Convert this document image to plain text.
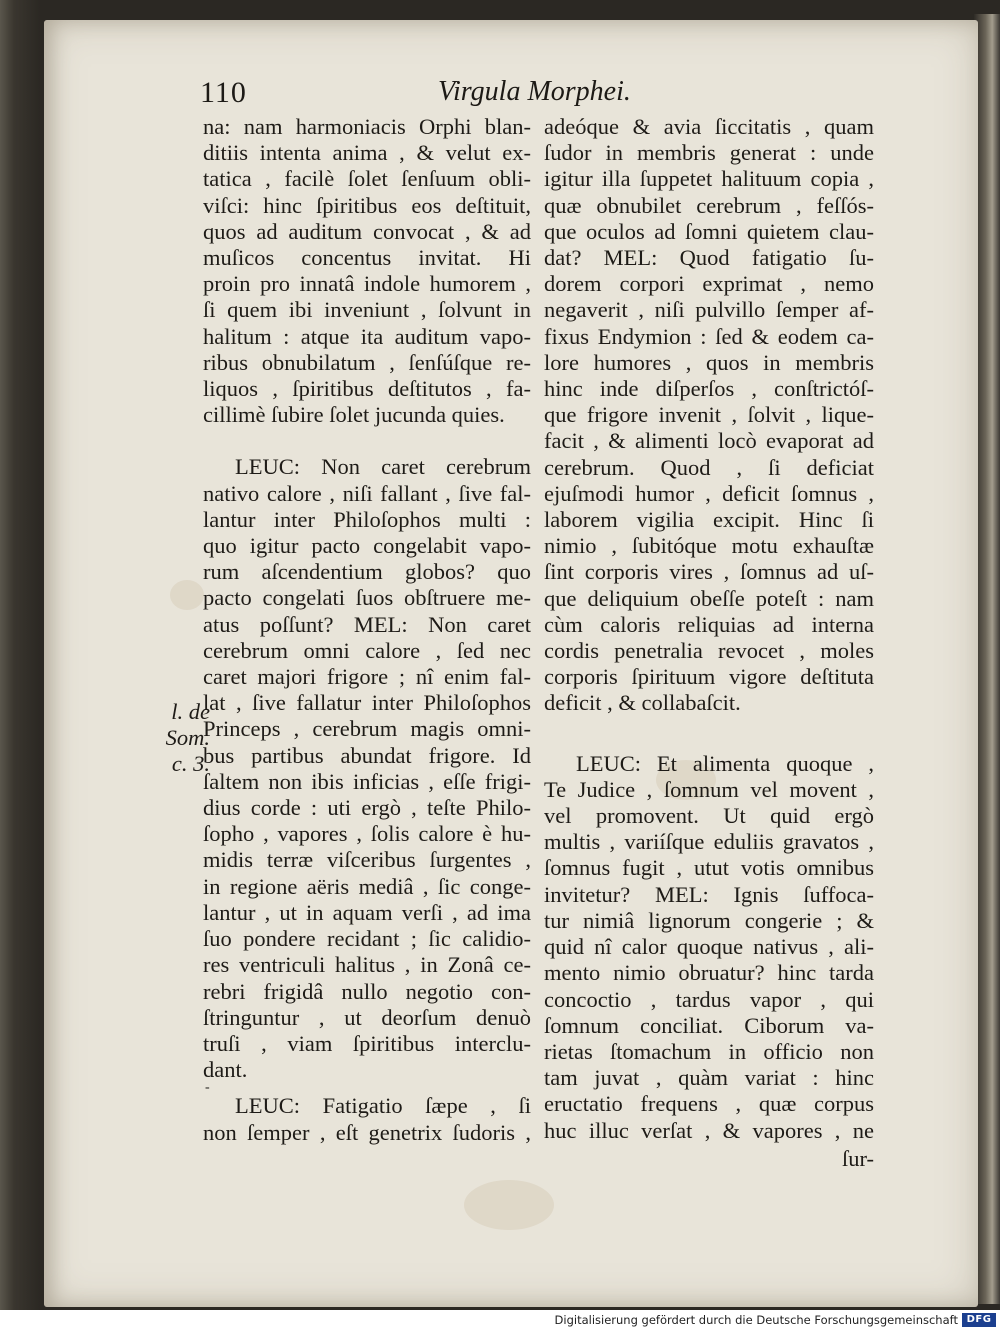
110	Virgula Morphei.
l. de
Som.
c. 3.
na: nam harmoniacis Orphi blan-
ditiis intenta anima , & velut ex-
tatica , facilè ſolet ſenſuum obli-
viſci: hinc ſpiritibus eos deſtituit,
quos ad auditum convocat , & ad
muſicos concentus invitat. Hi
proin pro innatâ indole humorem ,
ſi quem ibi inveniunt , ſolvunt in
halitum : atque ita auditum vapo-
ribus obnubilatum , ſenſúſque re-
liquos , ſpiritibus deſtitutos , fa-
cillimè ſubire ſolet jucunda quies.
LEUC: Non caret cerebrum
nativo calore , niſi fallant , ſive fal-
lantur inter Philoſophos multi :
quo igitur pacto congelabit vapo-
rum aſcendentium globos? quo
pacto congelati ſuos obſtruere me-
atus poſſunt? MEL: Non caret
cerebrum omni calore , ſed nec
caret majori frigore ; nî enim fal-
lat , ſive fallatur inter Philoſophos
Princeps , cerebrum magis omni-
bus partibus abundat frigore. Id
ſaltem non ibis inficias , eſſe frigi-
dius corde : uti ergò , teſte Philo-
ſopho , vapores , ſolis calore è hu-
midis terræ viſceribus ſurgentes ,
in regione aëris mediâ , ſic conge-
lantur , ut in aquam verſi , ad ima
ſuo pondere recidant ; ſic calidio-
res ventriculi halitus , in Zonâ ce-
rebri frigidâ nullo negotio con-
ſtringuntur , ut deorſum denuò
truſi , viam ſpiritibus interclu-
dant.
-
LEUC: Fatigatio ſæpe , ſi
non ſemper , eſt genetrix ſudoris ,
adeóque & avia ſiccitatis , quam
ſudor in membris generat : unde
igitur illa ſuppetet halituum copia ,
quæ obnubilet cerebrum , feſſós-
que oculos ad ſomni quietem clau-
dat? MEL: Quod fatigatio ſu-
dorem corpori exprimat , nemo
negaverit , niſi pulvillo ſemper af-
fixus Endymion : ſed & eodem ca-
lore humores , quos in membris
hinc inde diſperſos , conſtrictóſ-
que frigore invenit , ſolvit , lique-
facit , & alimenti locò evaporat ad
cerebrum. Quod , ſi deficiat
ejuſmodi humor , deficit ſomnus ,
laborem vigilia excipit. Hinc ſi
nimio , ſubitóque motu exhauſtæ
ſint corporis vires , ſomnus ad uſ-
que deliquium obeſſe poteſt : nam
cùm caloris reliquias ad interna
cordis penetralia revocet , moles
corporis ſpirituum vigore deſtituta
deficit , & collabaſcit.
LEUC: Et alimenta quoque ,
Te Judice , ſomnum vel movent ,
vel promovent. Ut quid ergò
multis , variíſque eduliis gravatos ,
ſomnus fugit , utut votis omnibus
invitetur? MEL: Ignis ſuffoca-
tur nimiâ lignorum congerie ; &
quid nî calor quoque nativus , ali-
mento nimio obruatur? hinc tarda
concoctio , tardus vapor , qui
ſomnum conciliat. Ciborum va-
rietas ſtomachum in officio non
tam juvat , quàm variat : hinc
eructatio frequens , quæ corpus
huc illuc verſat , & vapores , ne
ſur-
Digitalisierung gefördert durch die Deutsche Forschungsgemeinschaft DFG
